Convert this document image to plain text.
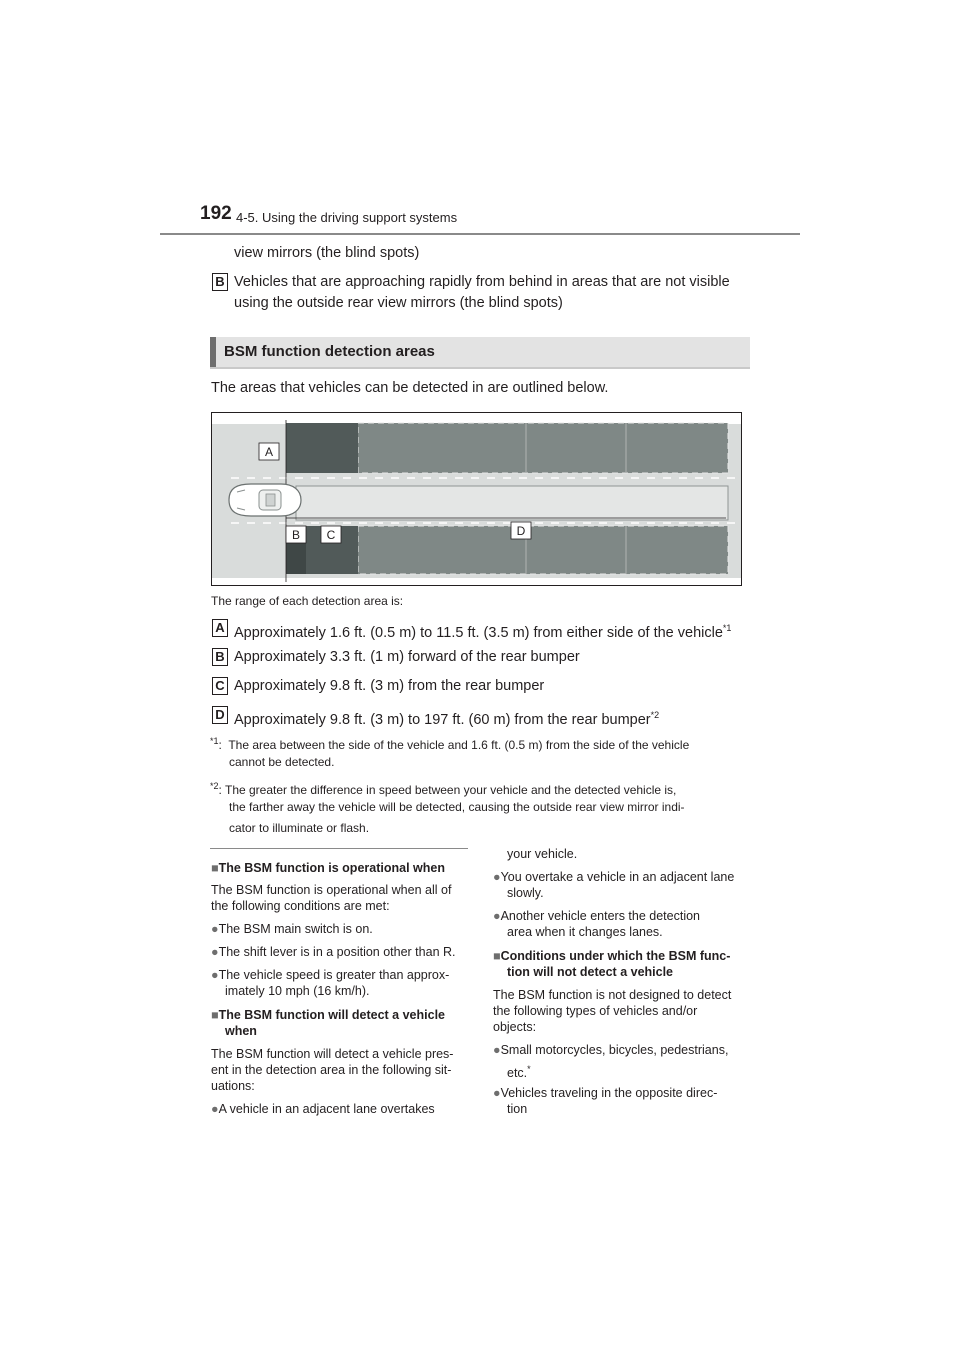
192 4-5. Using the driving support systems
view mirrors (the blind spots)
B Vehicles that are approaching rapidly from behind in areas that are not visible
using the outside rear view mirrors (the blind spots)
BSM function detection areas
The areas that vehicles can be detected in are outlined below.
A
B C	D
The range of each detection area is:
A Approximately 1.6 ft. (0.5 m) to 11.5 ft. (3.5 m) from either side of the vehicle$^{*1}$
B Approximately 3.3 ft. (1 m) forward of the rear bumper
C Approximately 9.8 ft. (3 m) from the rear bumper
D Approximately 9.8 ft. (3 m) to 197 ft. (60 m) from the rear bumper$^{*2}$
$^{*1}$: The area between the side of the vehicle and 1.6 ft. (0.5 m) from the side of the vehicle
cannot be detected.
$^{*2}$: The greater the difference in speed between your vehicle and the detected vehicle is,
the farther away the vehicle will be detected, causing the outside rear view mirror indi-
cator to illuminate or flash.
■The BSM function is operational when
The BSM function is operational when all of
the following conditions are met:
●The BSM main switch is on.
●The shift lever is in a position other than R.
●The vehicle speed is greater than approx-
imately 10 mph (16 km/h).
■The BSM function will detect a vehicle
when
The BSM function will detect a vehicle pres-
ent in the detection area in the following sit-
uations:
●A vehicle in an adjacent lane overtakes
your vehicle.
●You overtake a vehicle in an adjacent lane
slowly.
●Another vehicle enters the detection
area when it changes lanes.
■Conditions under which the BSM func-
tion will not detect a vehicle
The BSM function is not designed to detect
the following types of vehicles and/or
objects:
●Small motorcycles, bicycles, pedestrians,
etc.*
●Vehicles traveling in the opposite direc-
tion
